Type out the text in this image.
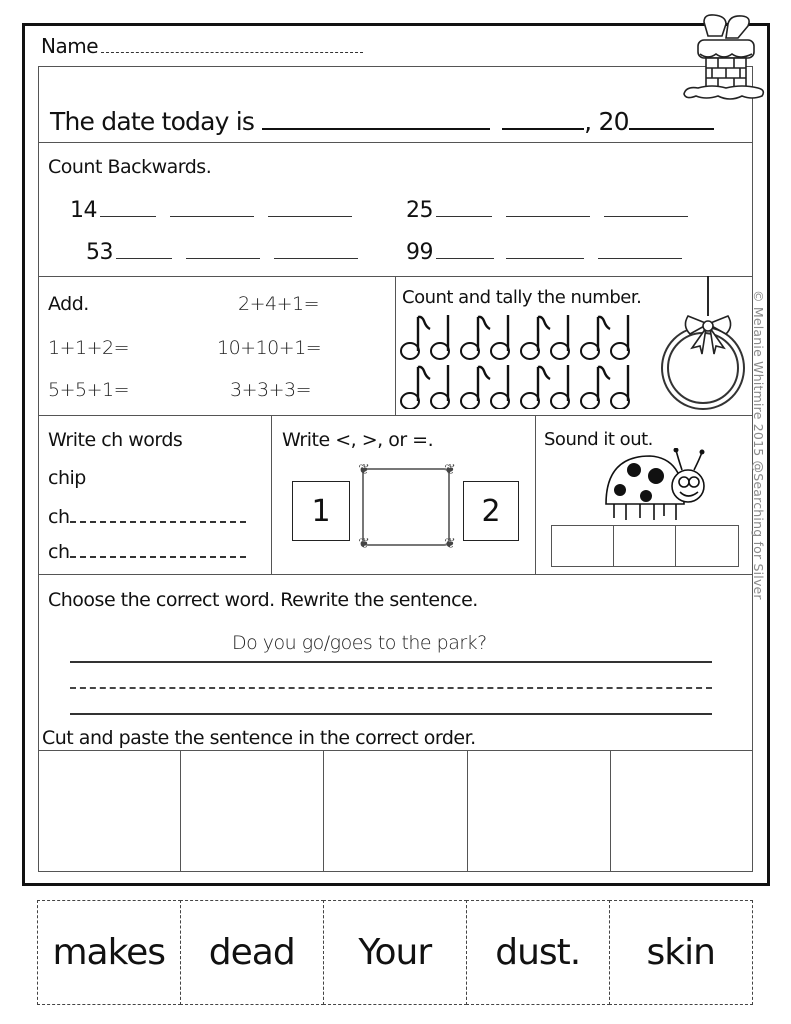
Name
The date today is	, 20
Count Backwards.
14	25
53	99
Add.	2+4+1=
1+1+2=	10+10+1=
5+5+1=	3+3+3=
Count and tally the number.
Write ch words
chip
ch
ch
Write <, >, or =.
1
❦	❦
❦	❦
2
Sound it out.
Choose the correct word. Rewrite the sentence.
Do you go/goes to the park?
Cut and paste the sentence in the correct order.
makes	dead	Your	dust.	skin
© Melanie Whitmire 2015 @Searching for Silver
